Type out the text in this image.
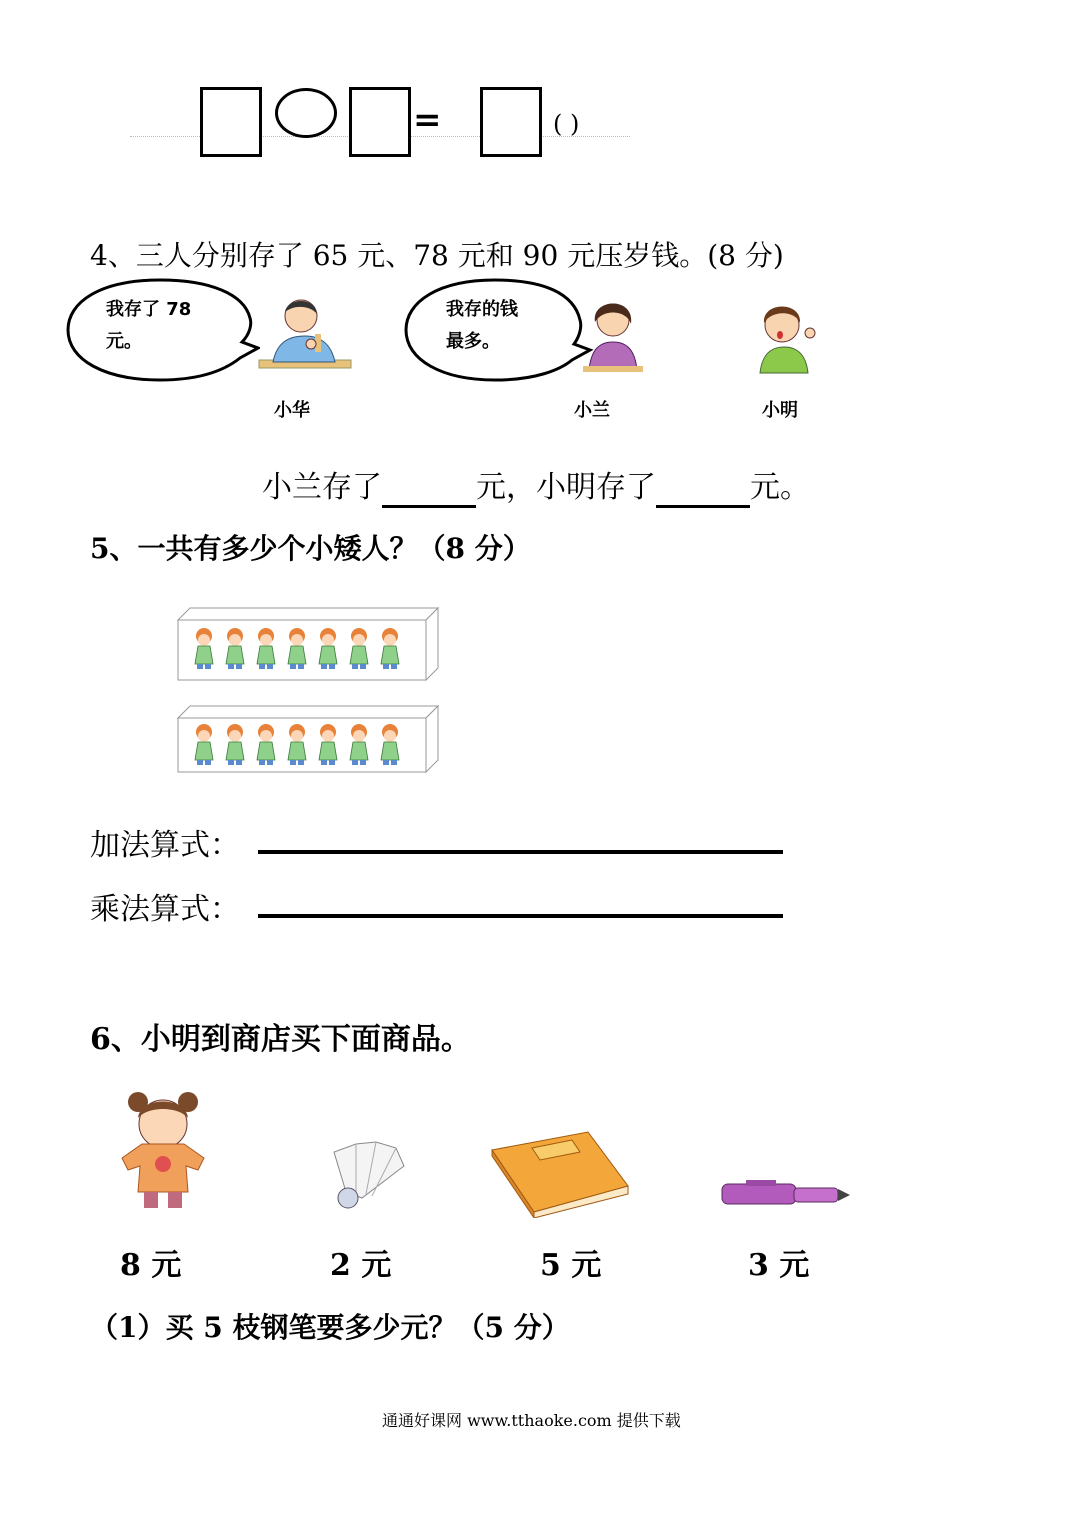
=	( )
4、三人分别存了 65 元、78 元和 90 元压岁钱。(8 分)
我存了 78
元。
我存的钱
最多。
小华	小兰	小明
小兰存了	元，小明存了	元。
5、一共有多少个小矮人？（8 分）
加法算式：
乘法算式：
6、小明到商店买下面商品。
8 元	2 元	5 元	3 元
（1）买 5 枝钢笔要多少元？（5 分）
通通好课网 www.tthaoke.com 提供下载
